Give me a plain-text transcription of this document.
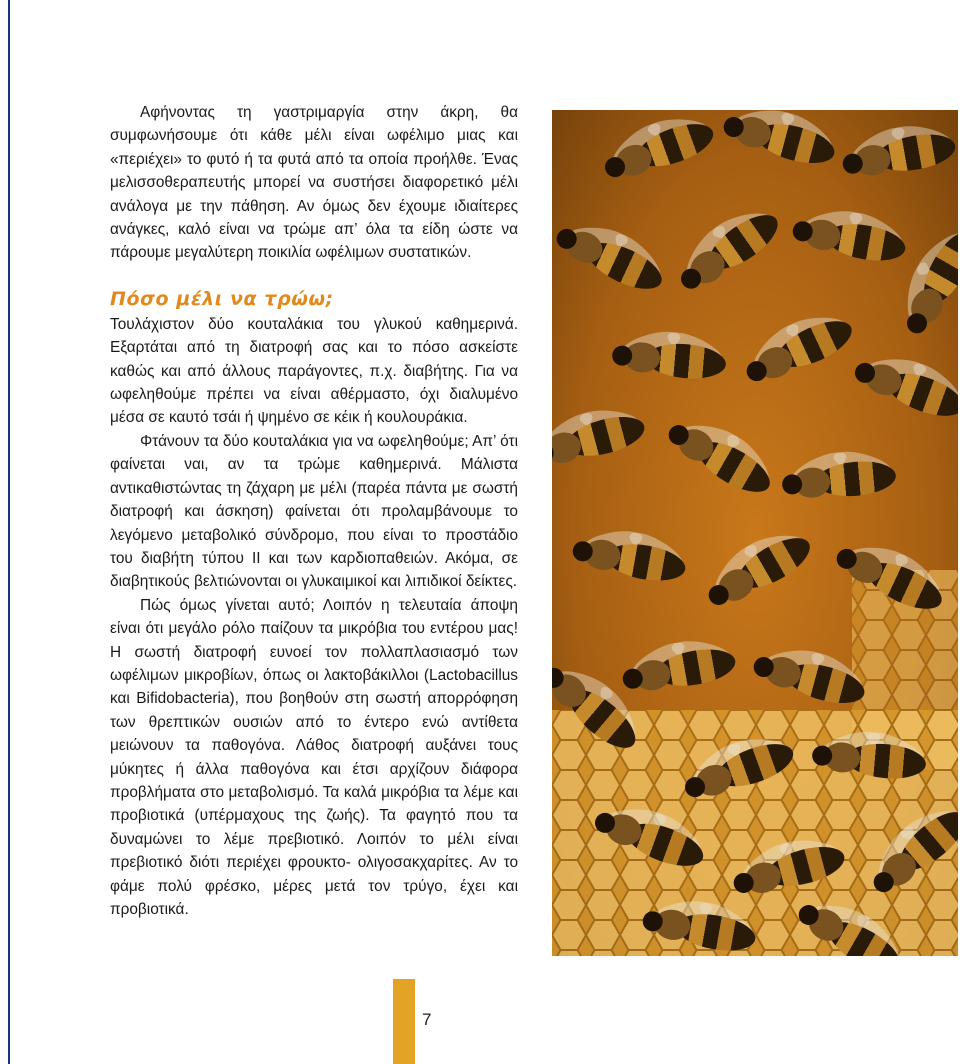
Αφήνοντας τη γαστριμαργία στην άκρη, θα συμφωνήσουμε ότι κάθε μέλι είναι ωφέλιμο μιας και «περιέχει» το φυτό ή τα φυτά από τα οποία προήλθε. Ένας μελισσοθεραπευτής μπορεί να συστήσει διαφορετικό μέλι ανάλογα με την πάθηση. Αν όμως δεν έχουμε ιδιαίτερες ανάγκες, καλό είναι να τρώμε απ’ όλα τα είδη ώστε να πάρουμε μεγαλύτερη ποικιλία ωφέλιμων συστατικών.

Πόσο μέλι να τρώω;

Τουλάχιστον δύο κουταλάκια του γλυκού καθημερινά. Εξαρτάται από τη διατροφή σας και το πόσο ασκείστε καθώς και από άλλους παράγοντες, π.χ. διαβήτης. Για να ωφεληθούμε πρέπει να είναι αθέρμαστο, όχι διαλυμένο μέσα σε καυτό τσάι ή ψημένο σε κέικ ή κουλουράκια.

Φτάνουν τα δύο κουταλάκια για να ωφεληθούμε; Απ’ ότι φαίνεται ναι, αν τα τρώμε καθημερινά. Μάλιστα αντικαθιστώντας τη ζάχαρη με μέλι (παρέα πάντα με σωστή διατροφή και άσκηση) φαίνεται ότι προλαμβάνουμε το λεγόμενο μεταβολικό σύνδρομο, που είναι το προστάδιο του διαβήτη τύπου ΙΙ και των καρδιοπαθειών. Ακόμα, σε διαβητικούς βελτιώνονται οι γλυκαιμικοί και λιπιδικοί δείκτες.

Πώς όμως γίνεται αυτό; Λοιπόν η τελευταία άποψη είναι ότι μεγάλο ρόλο παίζουν τα μικρόβια του εντέρου μας! Η σωστή διατροφή ευνοεί τον πολλαπλασιασμό των ωφέλιμων μικροβίων, όπως οι λακτοβάκιλλοι (Lactobacillus και Bifidobacteria), που βοηθούν στη σωστή απορρόφηση των θρεπτικών ουσιών από το έντερο ενώ αντίθετα μειώνουν τα παθογόνα. Λάθος διατροφή αυξάνει τους μύκητες ή άλλα παθογόνα και έτσι αρχίζουν διάφορα προβλήματα στο μεταβολισμό. Τα καλά μικρόβια τα λέμε και προβιοτικά (υπέρμαχους της ζωής). Τα φαγητό που τα δυναμώνει το λέμε πρεβιοτικό. Λοιπόν το μέλι είναι πρεβιοτικό διότι περιέχει φρουκτο- ολιγοσακχαρίτες. Αν το φάμε πολύ φρέσκο, μέρες μετά τον τρύγο, έχει και προβιοτικά.

7
